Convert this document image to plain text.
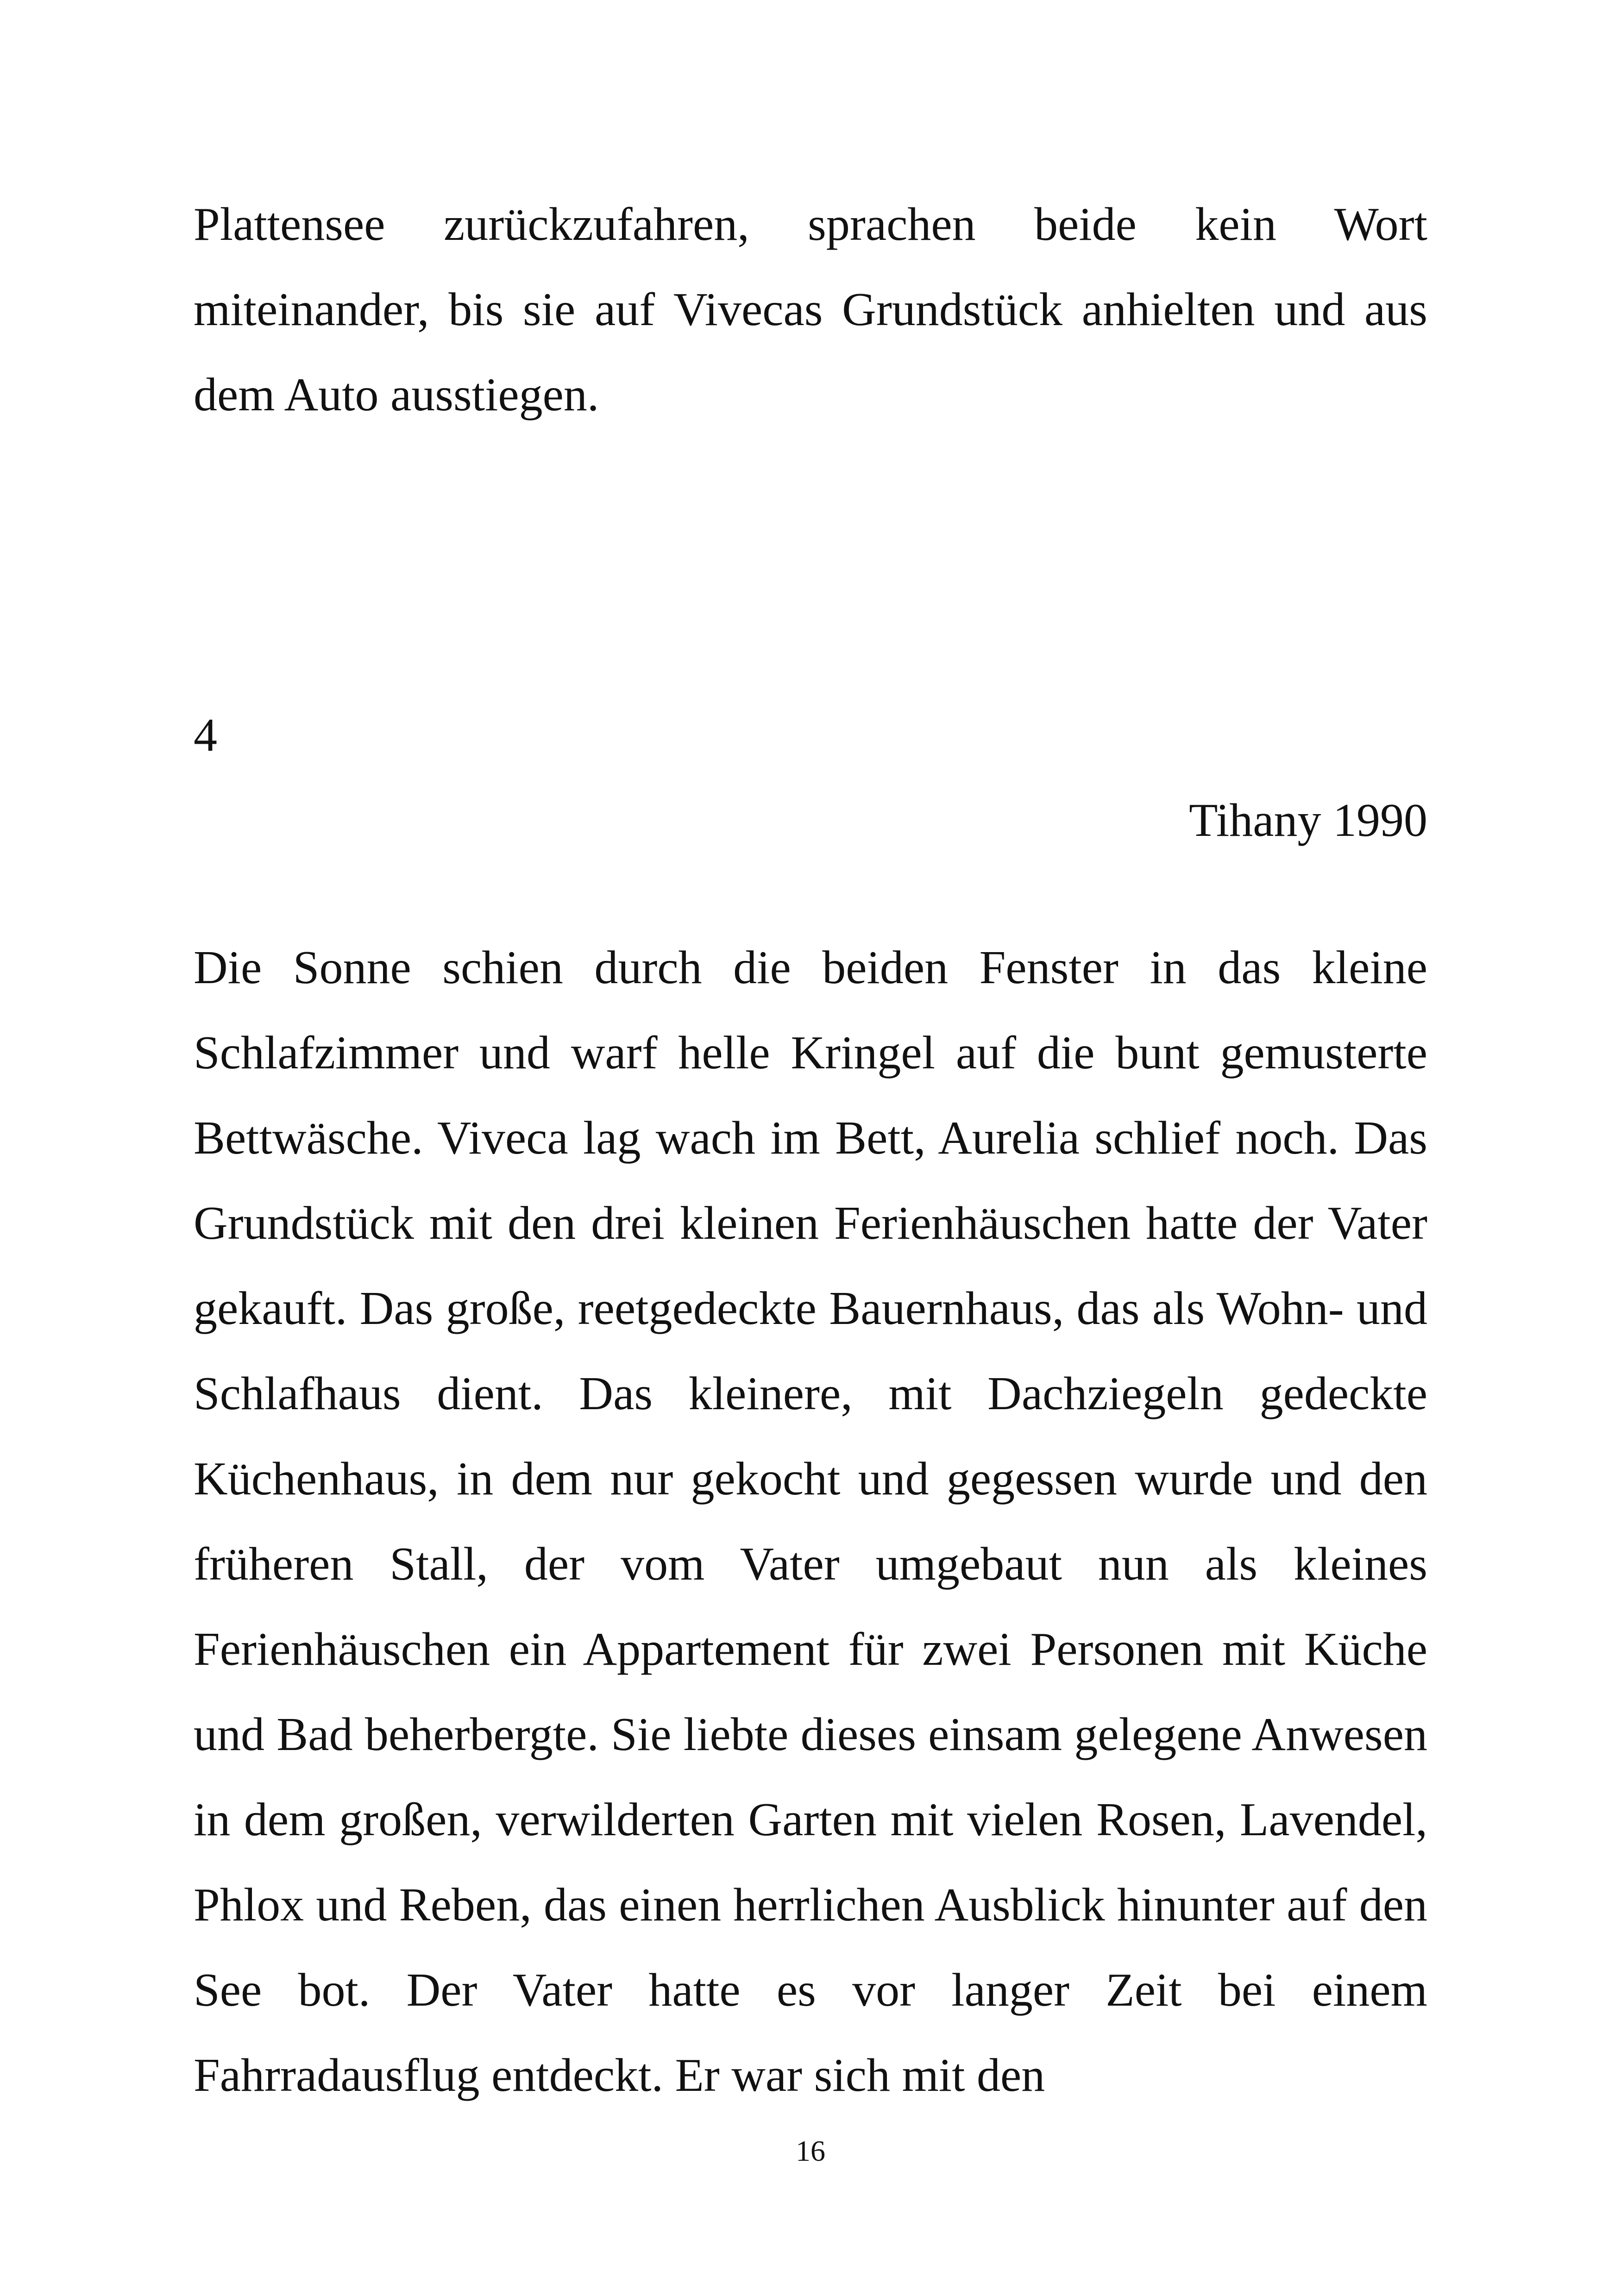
Plattensee zurückzufahren, sprachen beide kein Wort miteinander, bis sie auf Vivecas Grundstück anhielten und aus dem Auto ausstiegen.

4
Tihany 1990

Die Sonne schien durch die beiden Fenster in das kleine Schlafzimmer und warf helle Kringel auf die bunt gemusterte Bettwäsche. Viveca lag wach im Bett, Aurelia schlief noch. Das Grundstück mit den drei kleinen Ferienhäuschen hatte der Vater gekauft. Das große, reetgedeckte Bauernhaus, das als Wohn- und Schlafhaus dient. Das kleinere, mit Dachziegeln gedeckte Küchenhaus, in dem nur gekocht und gegessen wurde und den früheren Stall, der vom Vater umgebaut nun als kleines Ferienhäuschen ein Appartement für zwei Personen mit Küche und Bad beherbergte. Sie liebte dieses einsam gelegene Anwesen in dem großen, verwilderten Garten mit vielen Rosen, Lavendel, Phlox und Reben, das einen herrlichen Ausblick hinunter auf den See bot. Der Vater hatte es vor langer Zeit bei einem Fahrradausflug entdeckt. Er war sich mit den

16
